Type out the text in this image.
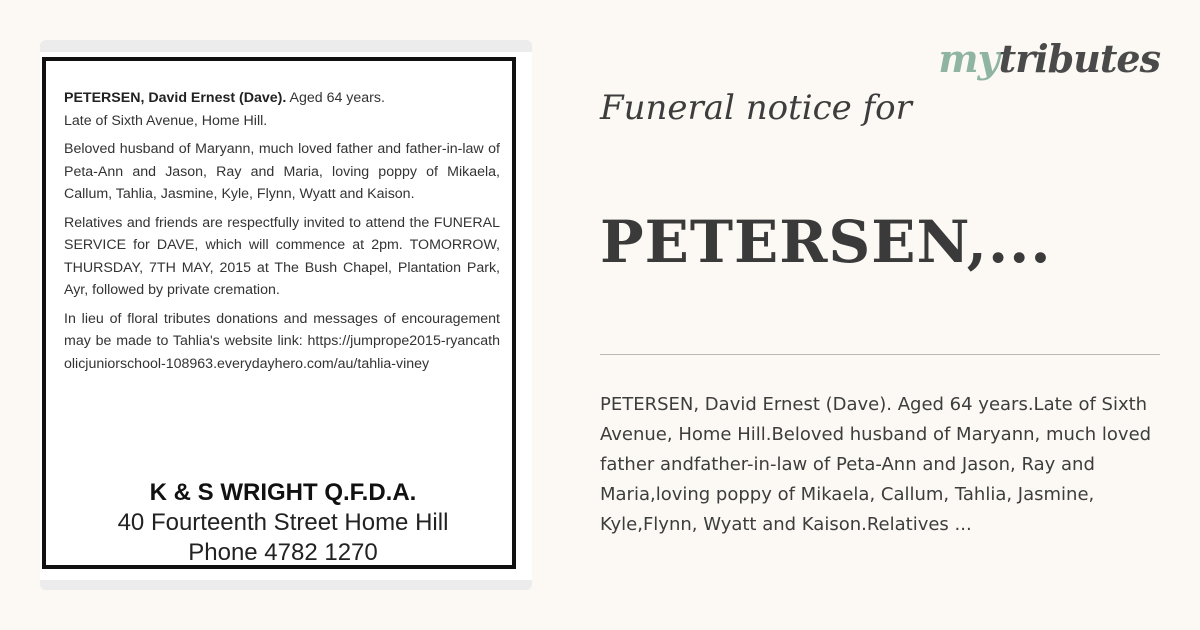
PETERSEN, David Ernest (Dave). Aged 64 years.
Late of Sixth Avenue, Home Hill.

Beloved husband of Maryann, much loved father and father-in-law of Peta-Ann and Jason, Ray and Maria, loving poppy of Mikaela, Callum, Tahlia, Jasmine, Kyle, Flynn, Wyatt and Kaison.

Relatives and friends are respectfully invited to attend the FUNERAL SERVICE for DAVE, which will commence at 2pm. TOMORROW, THURSDAY, 7TH MAY, 2015 at The Bush Chapel, Plantation Park, Ayr, followed by private cremation.

In lieu of floral tributes donations and messages of encouragement may be made to Tahlia's website link: https://jumprope2015-ryancatholicjuniorschool-108963.everydayhero.com/au/tahlia-viney

K & S WRIGHT Q.F.D.A.
40 Fourteenth Street Home Hill
Phone 4782 1270
mytributes
Funeral notice for
PETERSEN,...
PETERSEN, David Ernest (Dave). Aged 64 years.Late of Sixth Avenue, Home Hill.Beloved husband of Maryann, much loved father andfather-in-law of Peta-Ann and Jason, Ray and Maria,loving poppy of Mikaela, Callum, Tahlia, Jasmine, Kyle,Flynn, Wyatt and Kaison.Relatives ...
